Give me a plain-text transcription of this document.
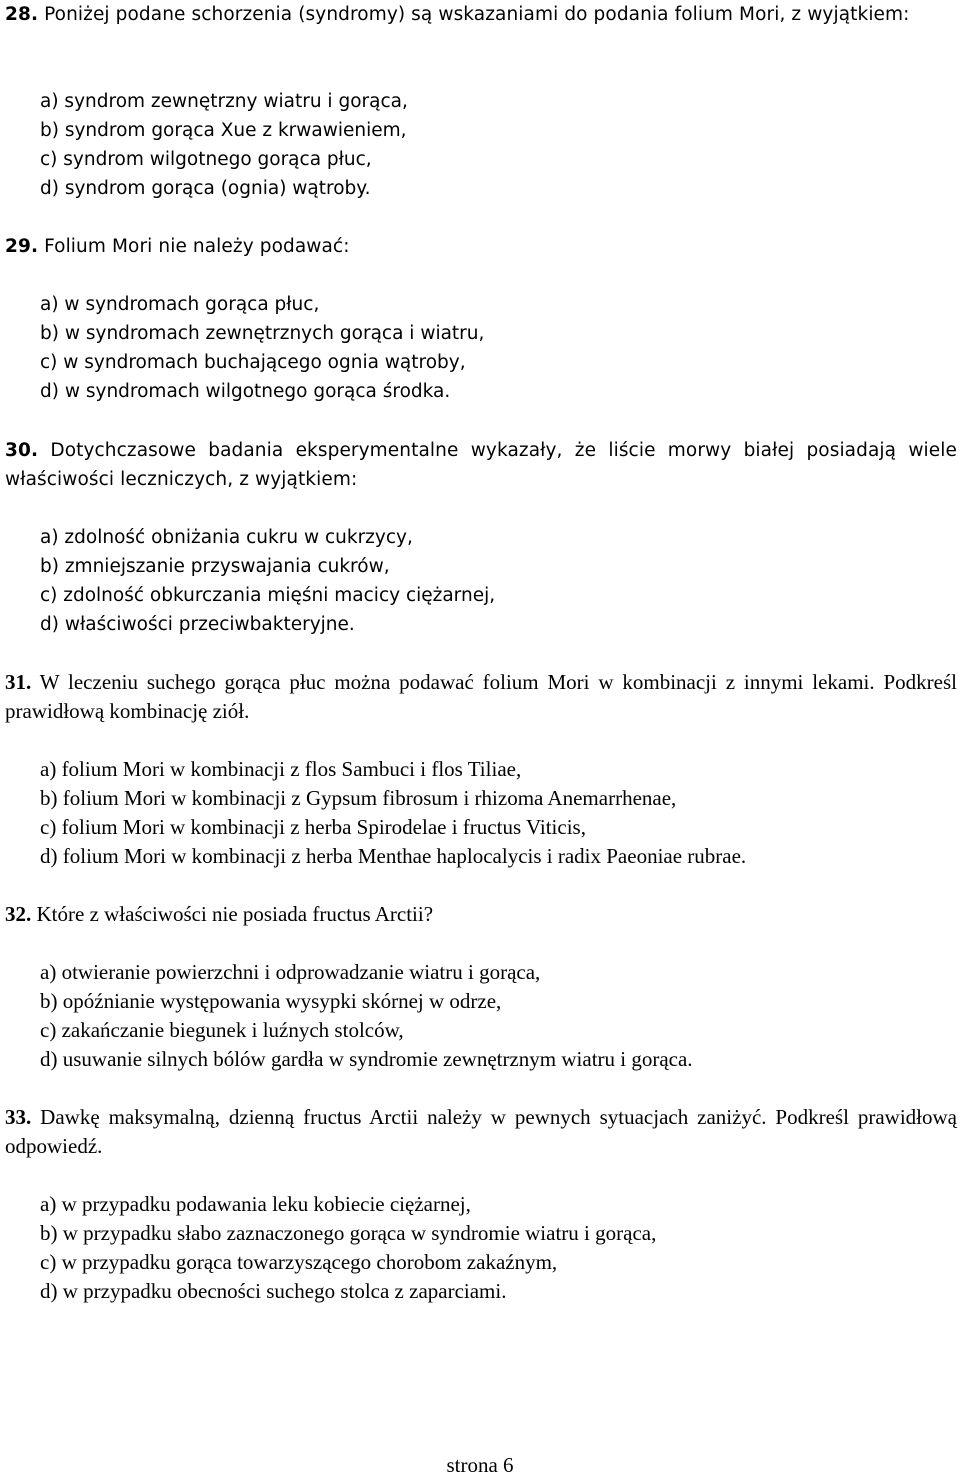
28. Poniżej podane schorzenia (syndromy) są wskazaniami do podania folium Mori, z wyjątkiem:
a) syndrom zewnętrzny wiatru i gorąca,
b) syndrom gorąca Xue z krwawieniem,
c) syndrom wilgotnego gorąca płuc,
d) syndrom gorąca (ognia) wątroby.
29. Folium Mori nie należy podawać:
a) w syndromach gorąca płuc,
b) w syndromach zewnętrznych gorąca i wiatru,
c) w syndromach buchającego ognia wątroby,
d) w syndromach wilgotnego gorąca środka.
30. Dotychczasowe badania eksperymentalne wykazały, że liście morwy białej posiadają wiele właściwości leczniczych, z wyjątkiem:
a) zdolność obniżania cukru w cukrzycy,
b) zmniejszanie przyswajania cukrów,
c) zdolność obkurczania mięśni macicy ciężarnej,
d) właściwości przeciwbakteryjne.
31. W leczeniu suchego gorąca płuc można podawać folium Mori w kombinacji z innymi lekami. Podkreśl prawidłową kombinację ziół.
a) folium Mori w kombinacji z flos Sambuci i flos Tiliae,
b) folium Mori w kombinacji z Gypsum fibrosum i rhizoma Anemarrhenae,
c) folium Mori w kombinacji z herba Spirodelae i fructus Viticis,
d) folium Mori w kombinacji z herba Menthae haplocalycis i radix Paeoniae rubrae.
32. Które z właściwości nie posiada fructus Arctii?
a) otwieranie powierzchni i odprowadzanie wiatru i gorąca,
b) opóźnianie występowania wysypki skórnej w odrze,
c) zakańczanie biegunek i luźnych stolców,
d) usuwanie silnych bólów gardła w syndromie zewnętrznym wiatru i gorąca.
33. Dawkę maksymalną, dzienną fructus Arctii należy w pewnych sytuacjach zaniżyć. Podkreśl prawidłową odpowiedź.
a) w przypadku podawania leku kobiecie ciężarnej,
b) w przypadku słabo zaznaczonego gorąca w syndromie wiatru i gorąca,
c) w przypadku gorąca towarzyszącego chorobom zakaźnym,
d) w przypadku obecności suchego stolca z zaparciami.
strona 6
